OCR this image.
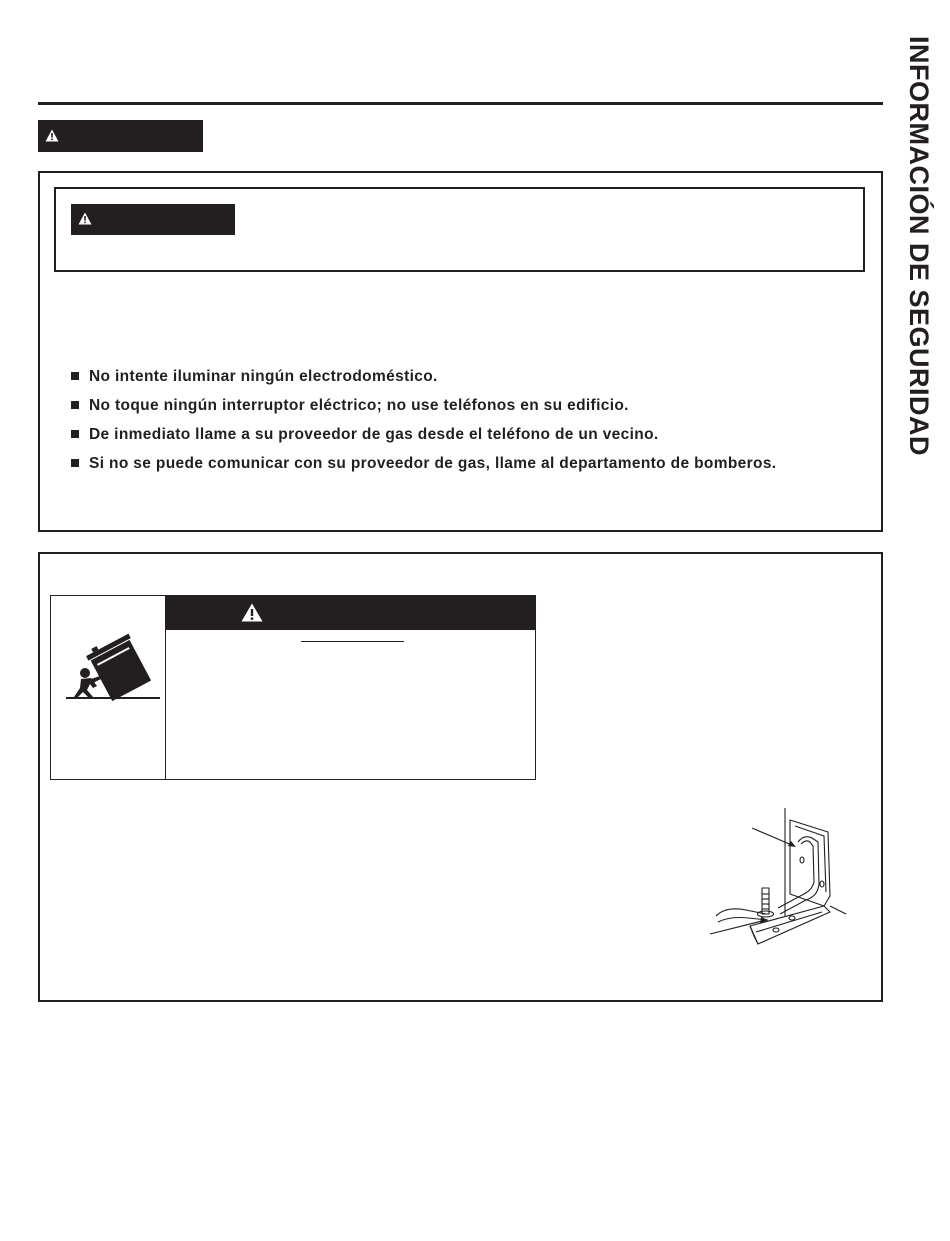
INFORMACIÓN DE SEGURIDAD
No intente iluminar ningún electrodoméstico.
No toque ningún interruptor eléctrico; no use teléfonos en su edificio.
De inmediato llame a su proveedor de gas desde el teléfono de un vecino.
Si no se puede comunicar con su proveedor de gas, llame al departamento de bomberos.
